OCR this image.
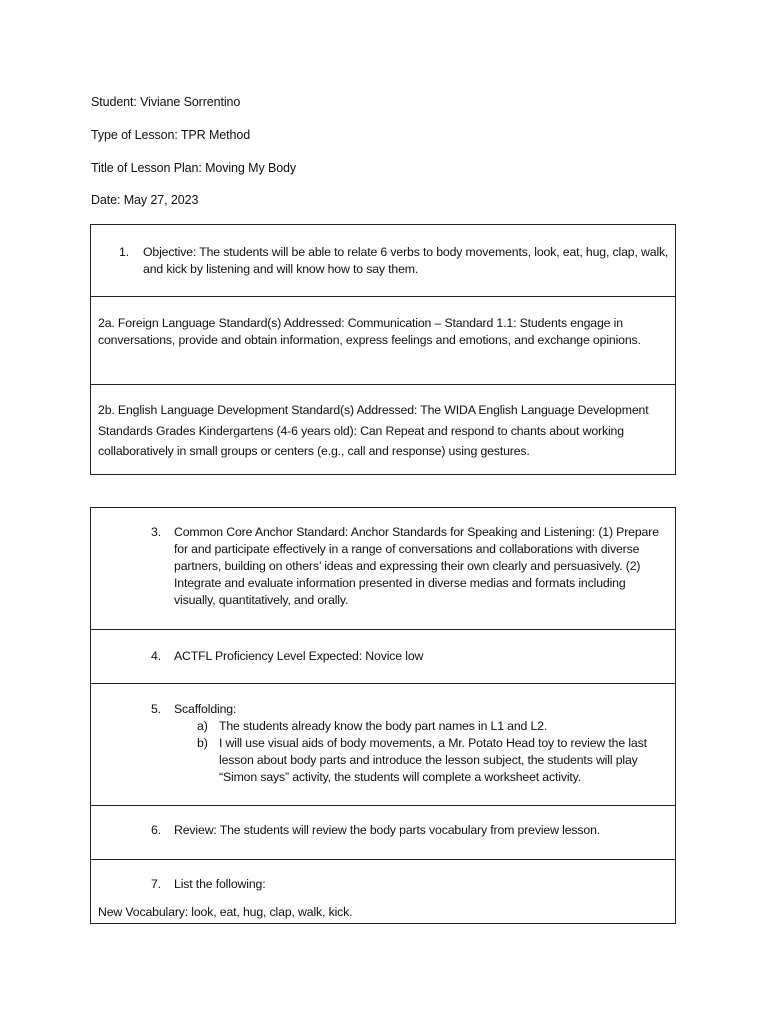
Student: Viviane Sorrentino
Type of Lesson: TPR Method
Title of Lesson Plan: Moving My Body
Date: May 27, 2023
1. Objective: The students will be able to relate 6 verbs to body movements, look, eat, hug, clap, walk, and kick by listening and will know how to say them.
2a. Foreign Language Standard(s) Addressed: Communication – Standard 1.1: Students engage in conversations, provide and obtain information, express feelings and emotions, and exchange opinions.
2b. English Language Development Standard(s) Addressed: The WIDA English Language Development Standards Grades Kindergartens (4-6 years old): Can Repeat and respond to chants about working collaboratively in small groups or centers (e.g., call and response) using gestures.
3. Common Core Anchor Standard: Anchor Standards for Speaking and Listening: (1) Prepare for and participate effectively in a range of conversations and collaborations with diverse partners, building on others’ ideas and expressing their own clearly and persuasively. (2) Integrate and evaluate information presented in diverse medias and formats including visually, quantitatively, and orally.
4. ACTFL Proficiency Level Expected: Novice low
5. Scaffolding:
a) The students already know the body part names in L1 and L2.
b) I will use visual aids of body movements, a Mr. Potato Head toy to review the last lesson about body parts and introduce the lesson subject, the students will play “Simon says” activity, the students will complete a worksheet activity.
6. Review: The students will review the body parts vocabulary from preview lesson.
7. List the following:
New Vocabulary: look, eat, hug, clap, walk, kick.
